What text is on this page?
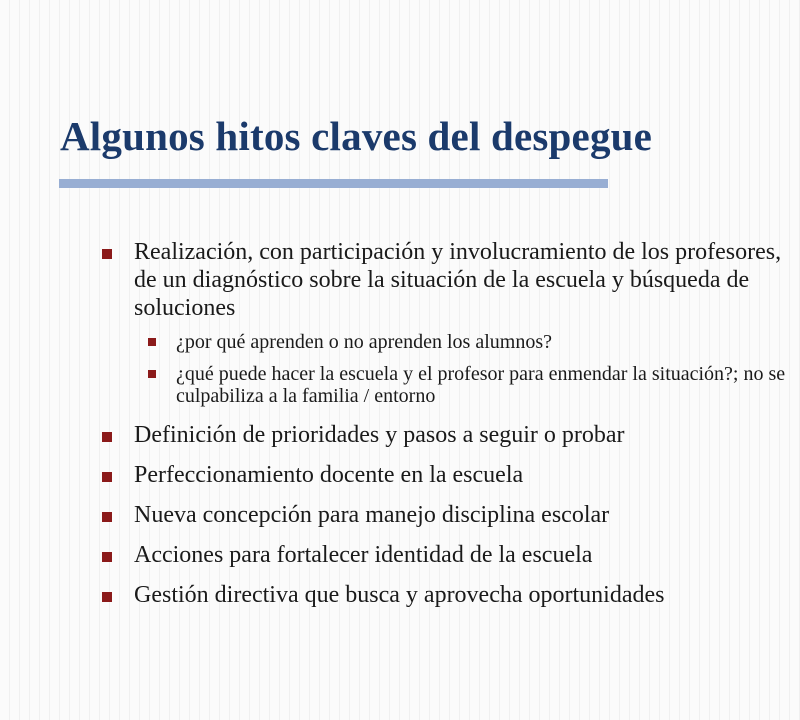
Algunos hitos claves del despegue
Realización, con participación y involucramiento de los profesores, de un diagnóstico sobre la situación de la escuela y búsqueda de soluciones
¿por qué aprenden o no aprenden los alumnos?
¿qué puede hacer la escuela y el profesor para enmendar la situación?; no se culpabiliza a la familia / entorno
Definición de prioridades y pasos a seguir o probar
Perfeccionamiento docente en la escuela
Nueva concepción para manejo disciplina escolar
Acciones para fortalecer identidad de la escuela
Gestión directiva que busca y aprovecha oportunidades
